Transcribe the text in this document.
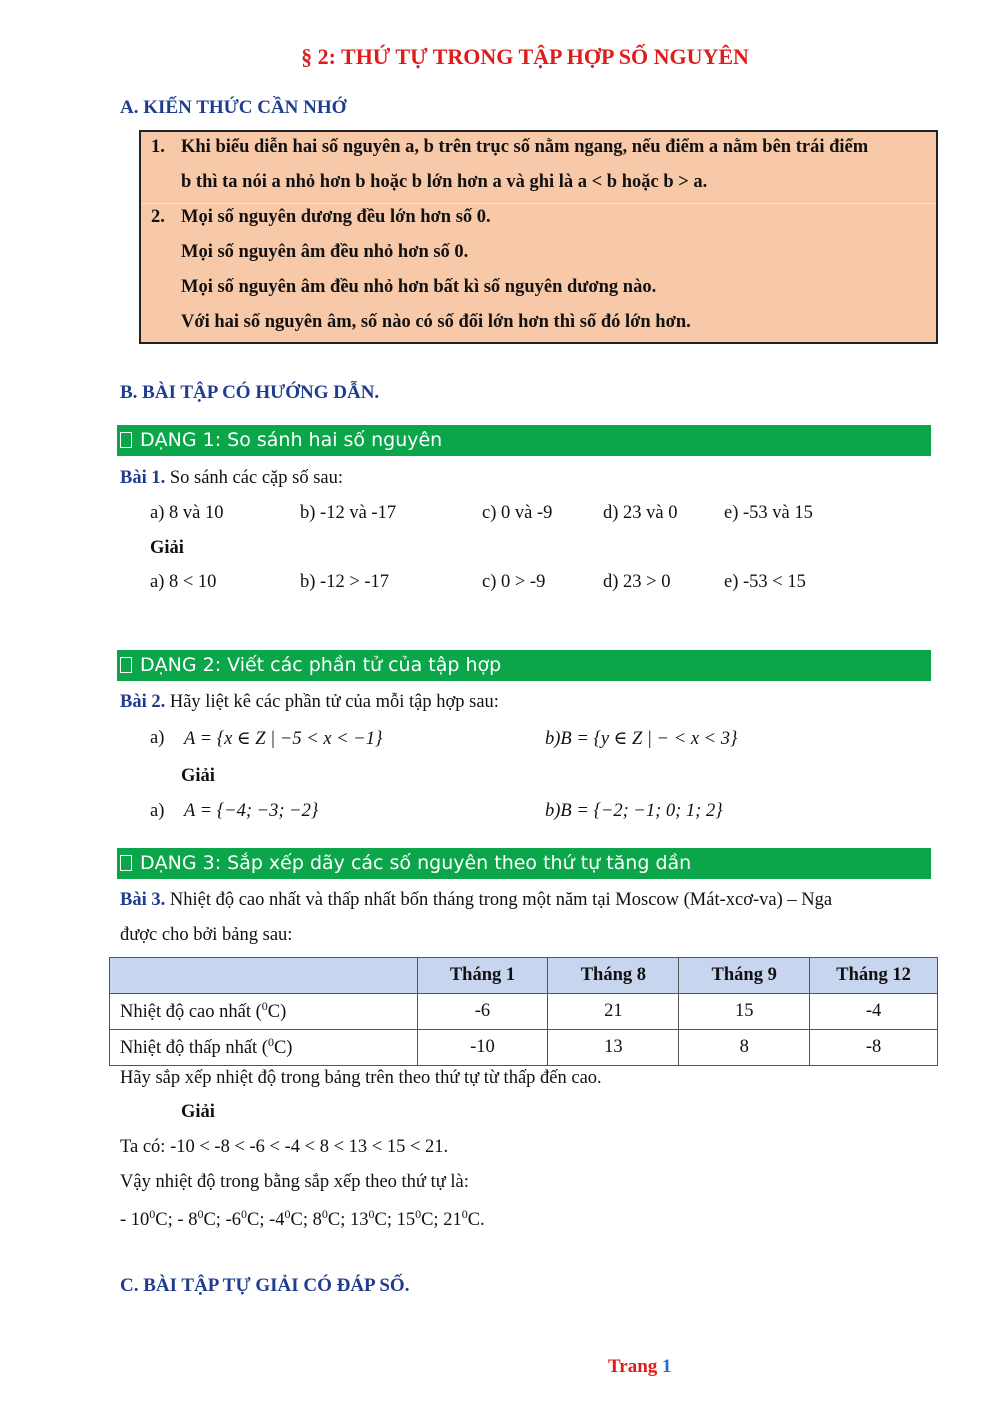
§ 2: THỨ TỰ TRONG TẬP HỢP SỐ NGUYÊN
A. KIẾN THỨC CẦN NHỚ
1. Khi biểu diễn hai số nguyên a, b trên trục số nằm ngang, nếu điểm a nằm bên trái điểm
b thì ta nói a nhỏ hơn b hoặc b lớn hơn a và ghi là a < b hoặc b > a.
2. Mọi số nguyên dương đều lớn hơn số 0.
Mọi số nguyên âm đều nhỏ hơn số 0.
Mọi số nguyên âm đều nhỏ hơn bất kì số nguyên dương nào.
Với hai số nguyên âm, số nào có số đối lớn hơn thì số đó lớn hơn.
B. BÀI TẬP CÓ HƯỚNG DẪN.
DẠNG 1: So sánh hai số nguyên
Bài 1. So sánh các cặp số sau:
a) 8 và 10	b) -12 và -17	c) 0 và -9	d) 23 và 0	e) -53 và 15
Giải
a) 8 < 10	b) -12 > -17	c) 0 > -9	d) 23 > 0	e) -53 < 15
DẠNG 2: Viết các phần tử của tập hợp
Bài 2. Hãy liệt kê các phần tử của mỗi tập hợp sau:
a) A = {x ∈ Z | −5 < x < −1}	b)B = {y ∈ Z | − < x < 3}
Giải
a) A = {−4; −3; −2}	b)B = {−2; −1; 0; 1; 2}
DẠNG 3: Sắp xếp dãy các số nguyên theo thứ tự tăng dần
Bài 3. Nhiệt độ cao nhất và thấp nhất bốn tháng trong một năm tại Moscow (Mát-xcơ-va) – Nga
được cho bởi bảng sau:
	Tháng 1	Tháng 8	Tháng 9	Tháng 12
Nhiệt độ cao nhất ($^0$C)	-6	21	15	-4
Nhiệt độ thấp nhất ($^0$C)	-10	13	8	-8
Hãy sắp xếp nhiệt độ trong bảng trên theo thứ tự từ thấp đến cao.
Giải
Ta có: -10 < -8 < -6 < -4 < 8 < 13 < 15 < 21.
Vậy nhiệt độ trong bằng sắp xếp theo thứ tự là:
- $10^0C$; - $8^0C$; $-6^0C$; $-4^0C$; $8^0C$; $13^0C$; $15^0C$; $21^0C$.
C. BÀI TẬP TỰ GIẢI CÓ ĐÁP SỐ.
Trang 1
